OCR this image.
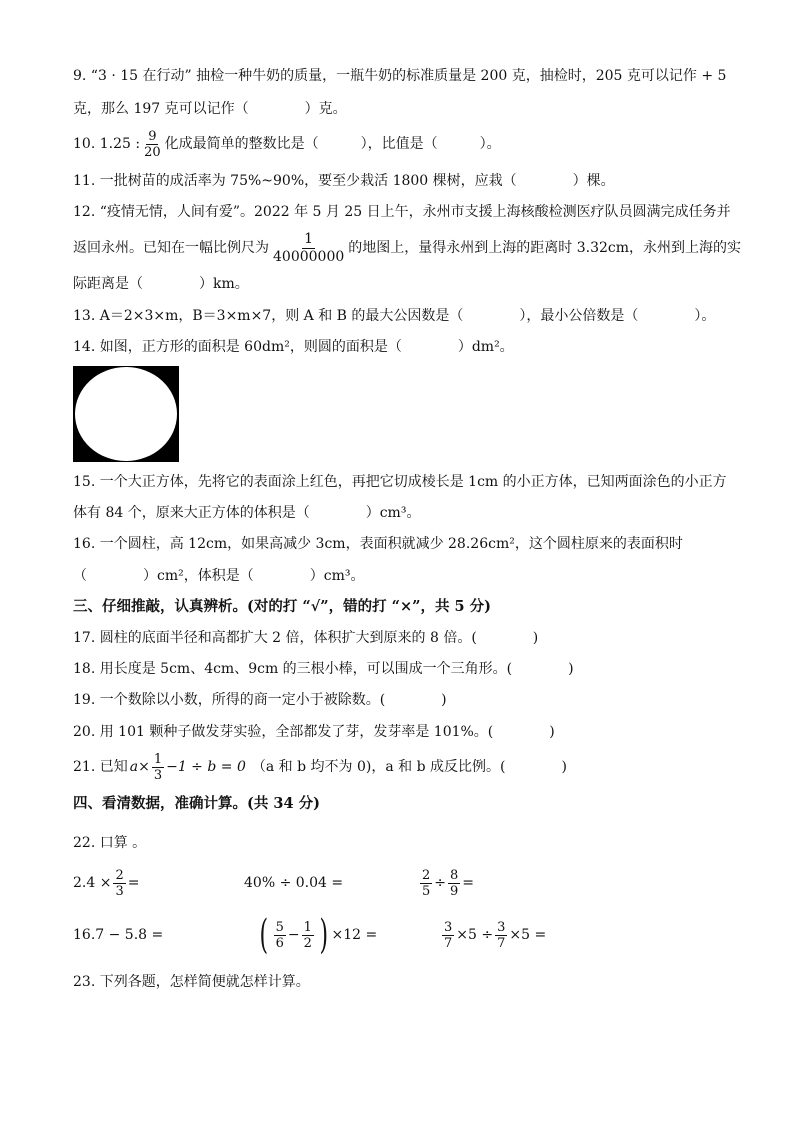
9. “3 · 15 在行动” 抽检一种牛奶的质量，一瓶牛奶的标准质量是 200 克，抽检时，205 克可以记作 + 5
克，那么 197 克可以记作（　　　　）克。
10. 1.25 : $\frac{9}{20}$ 化成最简单的整数比是（　　　），比值是（　　　）。
11. 一批树苗的成活率为 75%~90%，要至少栽活 1800 棵树，应栽（　　　　）棵。
12. “疫情无情，人间有爱”。2022 年 5 月 25 日上午，永州市支援上海核酸检测医疗队员圆满完成任务并
返回永州。已知在一幅比例尺为 $\frac{1}{40000000}$ 的地图上，量得永州到上海的距离时 3.32cm，永州到上海的实
际距离是（　　　　）km。
13. A＝2×3×m，B＝3×m×7，则 A 和 B 的最大公因数是（　　　　），最小公倍数是（　　　　）。
14. 如图，正方形的面积是 60dm²，则圆的面积是（　　　　）dm²。
15. 一个大正方体，先将它的表面涂上红色，再把它切成棱长是 1cm 的小正方体，已知两面涂色的小正方
体有 84 个，原来大正方体的体积是（　　　　）cm³。
16. 一个圆柱，高 12cm，如果高减少 3cm，表面积就减少 28.26cm²，这个圆柱原来的表面积时
（　　　　）cm²，体积是（　　　　）cm³。
三、仔细推敲，认真辨析。(对的打 “√”，错的打 “×”，共 5 分)
17. 圆柱的底面半径和高都扩大 2 倍，体积扩大到原来的 8 倍。(　　　　)
18. 用长度是 5cm、4cm、9cm 的三根小棒，可以围成一个三角形。(　　　　)
19. 一个数除以小数，所得的商一定小于被除数。(　　　　)
20. 用 101 颗种子做发芽实验，全部都发了芽，发芽率是 101%。(　　　　)
21. 已知 $a \times \frac{1}{3} -1 \div b = 0$ （a 和 b 均不为 0)，a 和 b 成反比例。(　　　　)
四、看清数据，准确计算。(共 34 分)
22. 口算 。
$2.4 \times \frac{2}{3}$ =	40% ÷ 0.04 =	$\frac{2}{5} \div \frac{8}{9}$ =
16.7 − 5.8 = ( $\frac{5}{6} - \frac{1}{2}$ ) ×12 =	$\frac{3}{7} \times 5 \div \frac{3}{7} \times 5$ =
23. 下列各题，怎样简便就怎样计算。
